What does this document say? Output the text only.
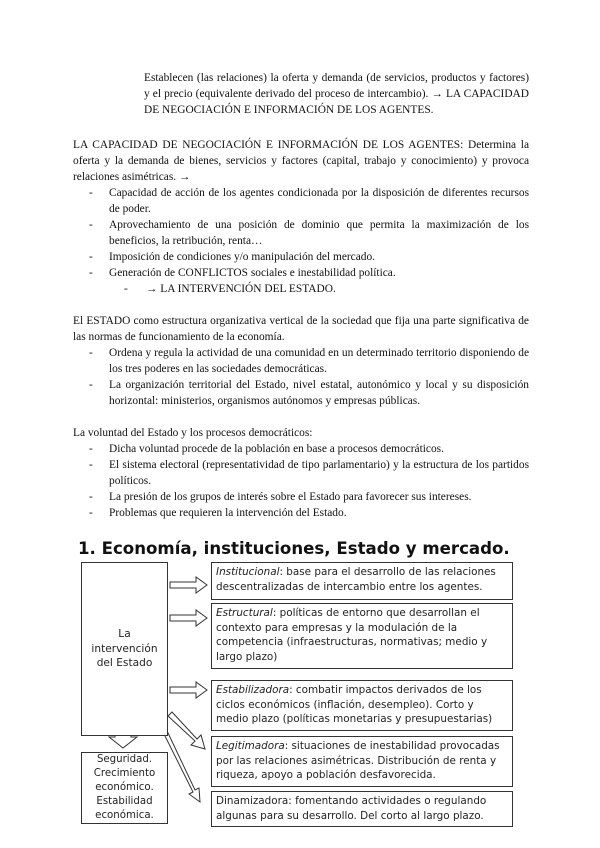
Establecen (las relaciones) la oferta y demanda (de servicios, productos y factores) y el precio (equivalente derivado del proceso de intercambio). → LA CAPACIDAD DE NEGOCIACIÓN E INFORMACIÓN DE LOS AGENTES.
LA CAPACIDAD DE NEGOCIACIÓN E INFORMACIÓN DE LOS AGENTES: Determina la oferta y la demanda de bienes, servicios y factores (capital, trabajo y conocimiento) y provoca relaciones asimétricas. →
- Capacidad de acción de los agentes condicionada por la disposición de diferentes recursos de poder.
- Aprovechamiento de una posición de dominio que permita la maximización de los beneficios, la retribución, renta…
- Imposición de condiciones y/o manipulación del mercado.
- Generación de CONFLICTOS sociales e inestabilidad política.
- → LA INTERVENCIÓN DEL ESTADO.
El ESTADO como estructura organizativa vertical de la sociedad que fija una parte significativa de las normas de funcionamiento de la economía.
- Ordena y regula la actividad de una comunidad en un determinado territorio disponiendo de los tres poderes en las sociedades democráticas.
- La organización territorial del Estado, nivel estatal, autonómico y local y su disposición horizontal: ministerios, organismos autónomos y empresas públicas.
La voluntad del Estado y los procesos democráticos:
- Dicha voluntad procede de la población en base a procesos democráticos.
- El sistema electoral (representatividad de tipo parlamentario) y la estructura de los partidos políticos.
- La presión de los grupos de interés sobre el Estado para favorecer sus intereses.
- Problemas que requieren la intervención del Estado.
1. Economía, instituciones, Estado y mercado.
La
intervención
del Estado
Seguridad.
Crecimiento
económico.
Estabilidad
económica.
Institucional: base para el desarrollo de las relaciones descentralizadas de intercambio entre los agentes.
Estructural: políticas de entorno que desarrollan el contexto para empresas y la modulación de la competencia (infraestructuras, normativas; medio y largo plazo)
Estabilizadora: combatir impactos derivados de los ciclos económicos (inflación, desempleo). Corto y medio plazo (políticas monetarias y presupuestarias)
Legitimadora: situaciones de inestabilidad provocadas por las relaciones asimétricas. Distribución de renta y riqueza, apoyo a población desfavorecida.
Dinamizadora: fomentando actividades o regulando algunas para su desarrollo. Del corto al largo plazo.
